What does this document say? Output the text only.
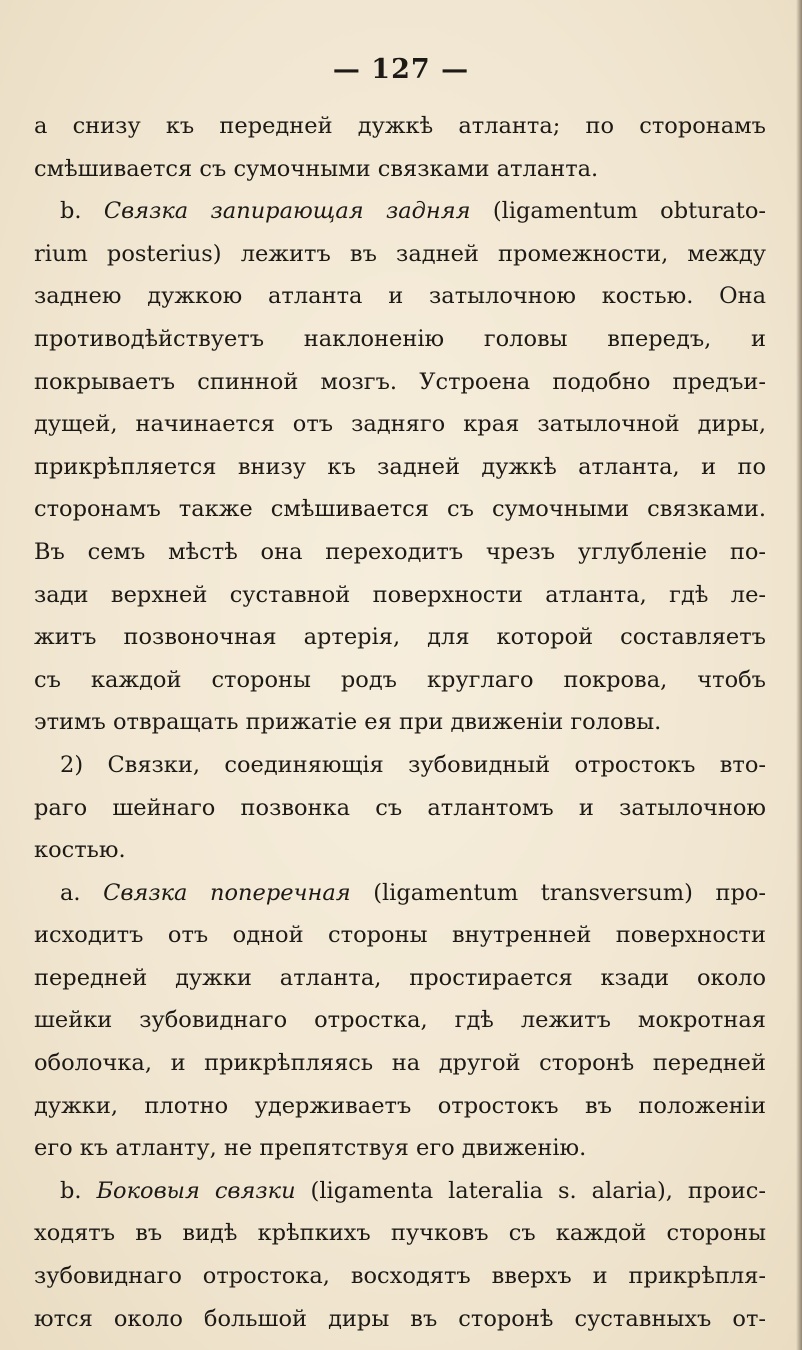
— 127 —
а снизу къ передней дужкѣ атланта; по сторонамъ
смѣшивается съ сумочными связками атланта.
b. Связка запирающая задняя (ligamentum obturato-
rium posterius) лежитъ въ задней промежности, между
заднею дужкою атланта и затылочною костью. Она
противодѣйствуетъ наклоненiю головы впередъ, и
покрываетъ спинной мозгъ. Устроена подобно предъи-
дущей, начинается отъ задняго края затылочной диры,
прикрѣпляется внизу къ задней дужкѣ атланта, и по
сторонамъ также смѣшивается съ сумочными связками.
Въ семъ мѣстѣ она переходитъ чрезъ углубленiе по-
зади верхней суставной поверхности атланта, гдѣ ле-
житъ позвоночная артерiя, для которой составляетъ
съ каждой стороны родъ круглаго покрова, чтобъ
этимъ отвращать прижатiе ея при движенiи головы.
2) Связки, соединяющiя зубовидный отростокъ вто-
раго шейнаго позвонка съ атлантомъ и затылочною
костью.
a. Связка поперечная (ligamentum transversum) про-
исходитъ отъ одной стороны внутренней поверхности
передней дужки атланта, простирается кзади около
шейки зубовиднаго отростка, гдѣ лежитъ мокротная
оболочка, и прикрѣпляясь на другой сторонѣ передней
дужки, плотно удерживаетъ отростокъ въ положенiи
его къ атланту, не препятствуя его движенiю.
b. Боковыя связки (ligamenta lateralia s. alaria), проис-
ходятъ въ видѣ крѣпкихъ пучковъ съ каждой стороны
зубовиднаго отростока, восходятъ вверхъ и прикрѣпля-
ются около большой диры въ сторонѣ суставныхъ от-
